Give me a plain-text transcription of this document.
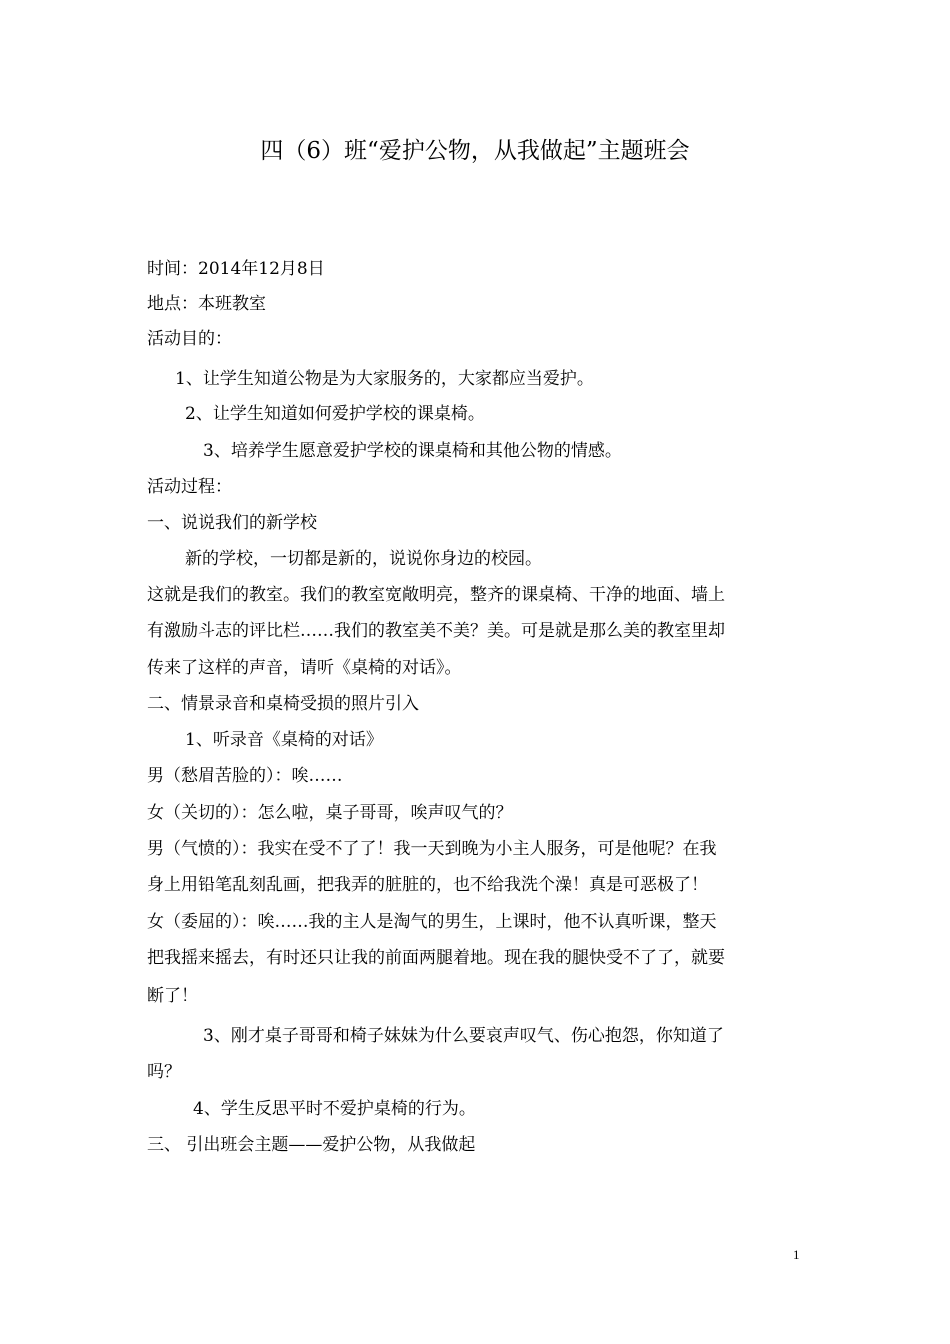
四（6）班“爱护公物，从我做起”主题班会
时间：2014年12月8日
地点：本班教室
活动目的：
1、让学生知道公物是为大家服务的，大家都应当爱护。
2、让学生知道如何爱护学校的课桌椅。
3、培养学生愿意爱护学校的课桌椅和其他公物的情感。
活动过程：
一、说说我们的新学校
新的学校，一切都是新的，说说你身边的校园。
这就是我们的教室。我们的教室宽敞明亮，整齐的课桌椅、干净的地面、墙上
有激励斗志的评比栏……我们的教室美不美？美。可是就是那么美的教室里却
传来了这样的声音，请听《桌椅的对话》。
二、情景录音和桌椅受损的照片引入
1、听录音《桌椅的对话》
男（愁眉苦脸的）：唉……
女（关切的）：怎么啦，桌子哥哥，唉声叹气的？
男（气愤的）：我实在受不了了！我一天到晚为小主人服务，可是他呢？在我
身上用铅笔乱刻乱画，把我弄的脏脏的，也不给我洗个澡！真是可恶极了！
女（委屈的）：唉……我的主人是淘气的男生，上课时，他不认真听课，整天
把我摇来摇去，有时还只让我的前面两腿着地。现在我的腿快受不了了，就要
断了！
3、刚才桌子哥哥和椅子妹妹为什么要哀声叹气、伤心抱怨，你知道了
吗？
4、学生反思平时不爱护桌椅的行为。
三、 引出班会主题——爱护公物，从我做起
1
